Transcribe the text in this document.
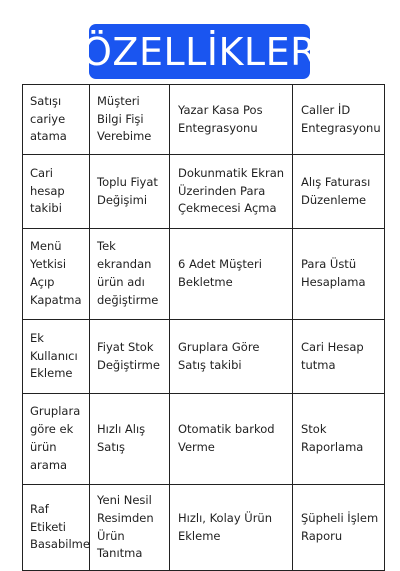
ÖZELLİKLER
Satışı cariye atama	Müşteri Bilgi Fişi Verebime	Yazar Kasa Pos Entegrasyonu	Caller İD Entegrasyonu

Cari hesap takibi	Toplu Fiyat Değişimi	Dokunmatik Ekran Üzerinden Para Çekmecesi Açma	Alış Faturası Düzenleme

Menü Yetkisi Açıp Kapatma	Tek ekrandan ürün adı değiştirme	6 Adet Müşteri Bekletme	Para Üstü Hesaplama

Ek Kullanıcı Ekleme	Fiyat Stok Değiştirme	Gruplara Göre Satış takibi	Cari Hesap tutma

Gruplara göre ek ürün arama	Hızlı Alış Satış	Otomatik barkod Verme	Stok Raporlama

Raf Etiketi Basabilme	Yeni Nesil Resimden Ürün Tanıtma	Hızlı, Kolay Ürün Ekleme	Şüpheli İşlem Raporu
